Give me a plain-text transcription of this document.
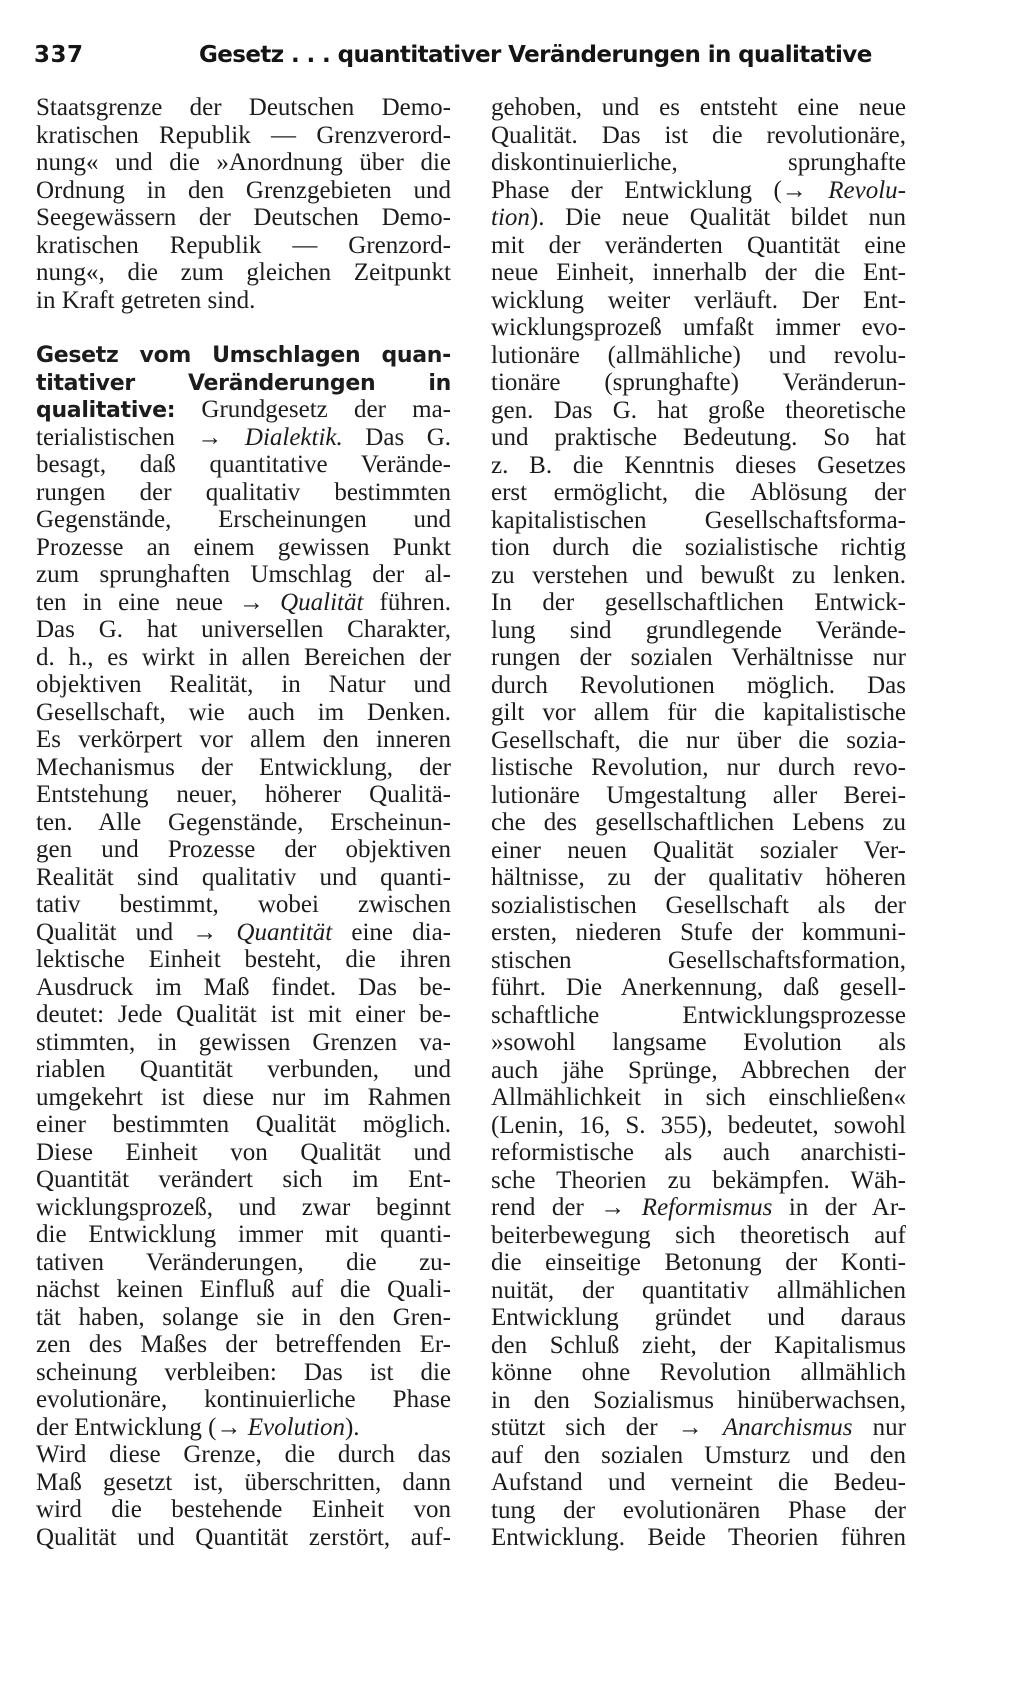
337	Gesetz . . . quantitativer Veränderungen in qualitative
Staatsgrenze der Deutschen Demo-
kratischen Republik — Grenzverord-
nung« und die »Anordnung über die
Ordnung in den Grenzgebieten und
Seegewässern der Deutschen Demo-
kratischen Republik — Grenzord-
nung«, die zum gleichen Zeitpunkt
in Kraft getreten sind.
Gesetz vom Umschlagen quan-
titativer Veränderungen in
qualitative: Grundgesetz der ma-
terialistischen → Dialektik. Das G.
besagt, daß quantitative Verände-
rungen der qualitativ bestimmten
Gegenstände, Erscheinungen und
Prozesse an einem gewissen Punkt
zum sprunghaften Umschlag der al-
ten in eine neue → Qualität führen.
Das G. hat universellen Charakter,
d. h., es wirkt in allen Bereichen der
objektiven Realität, in Natur und
Gesellschaft, wie auch im Denken.
Es verkörpert vor allem den inneren
Mechanismus der Entwicklung, der
Entstehung neuer, höherer Qualitä-
ten. Alle Gegenstände, Erscheinun-
gen und Prozesse der objektiven
Realität sind qualitativ und quanti-
tativ bestimmt, wobei zwischen
Qualität und → Quantität eine dia-
lektische Einheit besteht, die ihren
Ausdruck im Maß findet. Das be-
deutet: Jede Qualität ist mit einer be-
stimmten, in gewissen Grenzen va-
riablen Quantität verbunden, und
umgekehrt ist diese nur im Rahmen
einer bestimmten Qualität möglich.
Diese Einheit von Qualität und
Quantität verändert sich im Ent-
wicklungsprozeß, und zwar beginnt
die Entwicklung immer mit quanti-
tativen Veränderungen, die zu-
nächst keinen Einfluß auf die Quali-
tät haben, solange sie in den Gren-
zen des Maßes der betreffenden Er-
scheinung verbleiben: Das ist die
evolutionäre, kontinuierliche Phase
der Entwicklung (→ Evolution).
Wird diese Grenze, die durch das
Maß gesetzt ist, überschritten, dann
wird die bestehende Einheit von
Qualität und Quantität zerstört, auf-
gehoben, und es entsteht eine neue
Qualität. Das ist die revolutionäre,
diskontinuierliche, sprunghafte
Phase der Entwicklung (→ Revolu-
tion). Die neue Qualität bildet nun
mit der veränderten Quantität eine
neue Einheit, innerhalb der die Ent-
wicklung weiter verläuft. Der Ent-
wicklungsprozeß umfaßt immer evo-
lutionäre (allmähliche) und revolu-
tionäre (sprunghafte) Veränderun-
gen. Das G. hat große theoretische
und praktische Bedeutung. So hat
z. B. die Kenntnis dieses Gesetzes
erst ermöglicht, die Ablösung der
kapitalistischen Gesellschaftsforma-
tion durch die sozialistische richtig
zu verstehen und bewußt zu lenken.
In der gesellschaftlichen Entwick-
lung sind grundlegende Verände-
rungen der sozialen Verhältnisse nur
durch Revolutionen möglich. Das
gilt vor allem für die kapitalistische
Gesellschaft, die nur über die sozia-
listische Revolution, nur durch revo-
lutionäre Umgestaltung aller Berei-
che des gesellschaftlichen Lebens zu
einer neuen Qualität sozialer Ver-
hältnisse, zu der qualitativ höheren
sozialistischen Gesellschaft als der
ersten, niederen Stufe der kommuni-
stischen Gesellschaftsformation,
führt. Die Anerkennung, daß gesell-
schaftliche Entwicklungsprozesse
»sowohl langsame Evolution als
auch jähe Sprünge, Abbrechen der
Allmählichkeit in sich einschließen«
(Lenin, 16, S. 355), bedeutet, sowohl
reformistische als auch anarchisti-
sche Theorien zu bekämpfen. Wäh-
rend der → Reformismus in der Ar-
beiterbewegung sich theoretisch auf
die einseitige Betonung der Konti-
nuität, der quantitativ allmählichen
Entwicklung gründet und daraus
den Schluß zieht, der Kapitalismus
könne ohne Revolution allmählich
in den Sozialismus hinüberwachsen,
stützt sich der → Anarchismus nur
auf den sozialen Umsturz und den
Aufstand und verneint die Bedeu-
tung der evolutionären Phase der
Entwicklung. Beide Theorien führen
